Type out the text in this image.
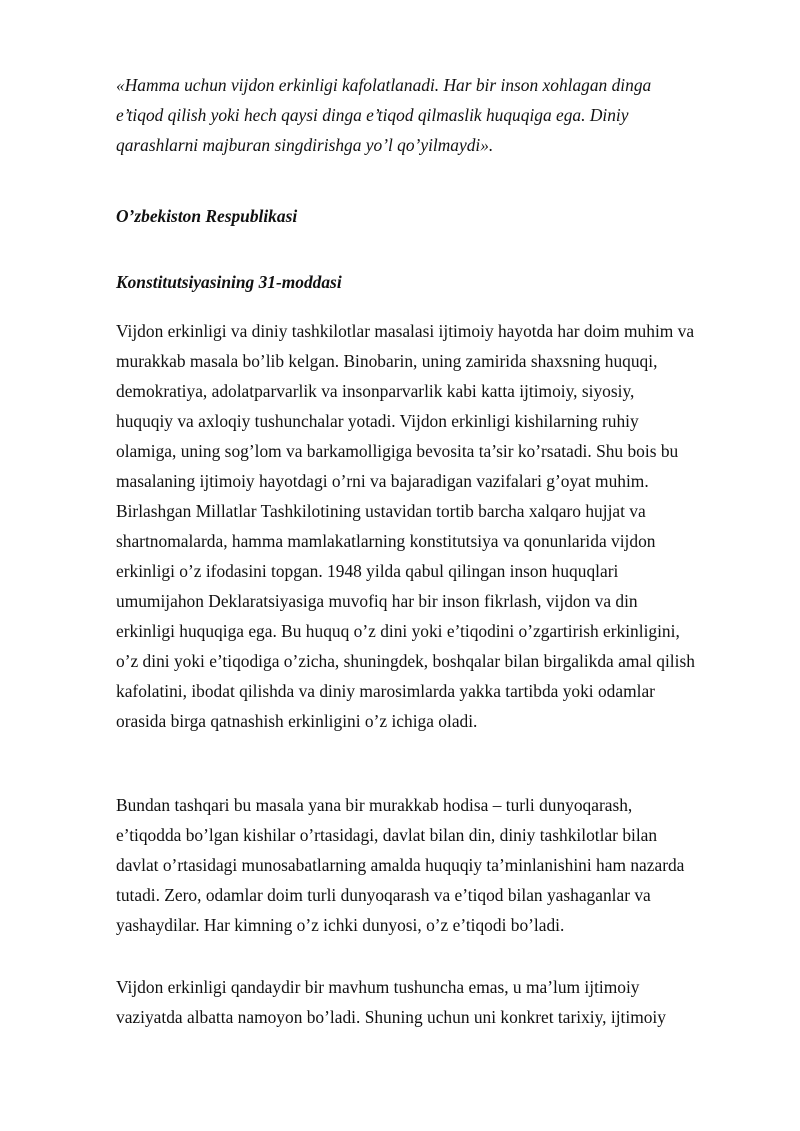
«Hamma uchun vijdon erkinligi kafolatlanadi. Har bir inson xohlagan dinga
e’tiqod qilish yoki hech qaysi dinga e’tiqod qilmaslik huquqiga ega. Diniy
qarashlarni majburan singdirishga yo’l qo’yilmaydi».
O’zbekiston Respublikasi
Konstitutsiyasining 31-moddasi
Vijdon erkinligi va diniy tashkilotlar masalasi ijtimoiy hayotda har doim muhim va
murakkab masala bo’lib kelgan. Binobarin, uning zamirida shaxsning huquqi,
demokratiya, adolatparvarlik va insonparvarlik kabi katta ijtimoiy, siyosiy,
huquqiy va axloqiy tushunchalar yotadi. Vijdon erkinligi kishilarning ruhiy
olamiga, uning sog’lom va barkamolligiga bevosita ta’sir ko’rsatadi. Shu bois bu
masalaning ijtimoiy hayotdagi o’rni va bajaradigan vazifalari g’oyat muhim.
Birlashgan Millatlar Tashkilotining ustavidan tortib barcha xalqaro hujjat va
shartnomalarda, hamma mamlakatlarning konstitutsiya va qonunlarida vijdon
erkinligi o’z ifodasini topgan. 1948 yilda qabul qilingan inson huquqlari
umumijahon Deklaratsiyasiga muvofiq har bir inson fikrlash, vijdon va din
erkinligi huquqiga ega. Bu huquq o’z dini yoki e’tiqodini o’zgartirish erkinligini,
o’z dini yoki e’tiqodiga o’zicha, shuningdek, boshqalar bilan birgalikda amal qilish
kafolatini, ibodat qilishda va diniy marosimlarda yakka tartibda yoki odamlar
orasida birga qatnashish erkinligini o’z ichiga oladi.
Bundan tashqari bu masala yana bir murakkab hodisa – turli dunyoqarash,
e’tiqodda bo’lgan kishilar o’rtasidagi, davlat bilan din, diniy tashkilotlar bilan
davlat o’rtasidagi munosabatlarning amalda huquqiy ta’minlanishini ham nazarda
tutadi. Zero, odamlar doim turli dunyoqarash va e’tiqod bilan yashaganlar va
yashaydilar. Har kimning o’z ichki dunyosi, o’z e’tiqodi bo’ladi.
Vijdon erkinligi qandaydir bir mavhum tushuncha emas, u ma’lum ijtimoiy
vaziyatda albatta namoyon bo’ladi. Shuning uchun uni konkret tarixiy, ijtimoiy
